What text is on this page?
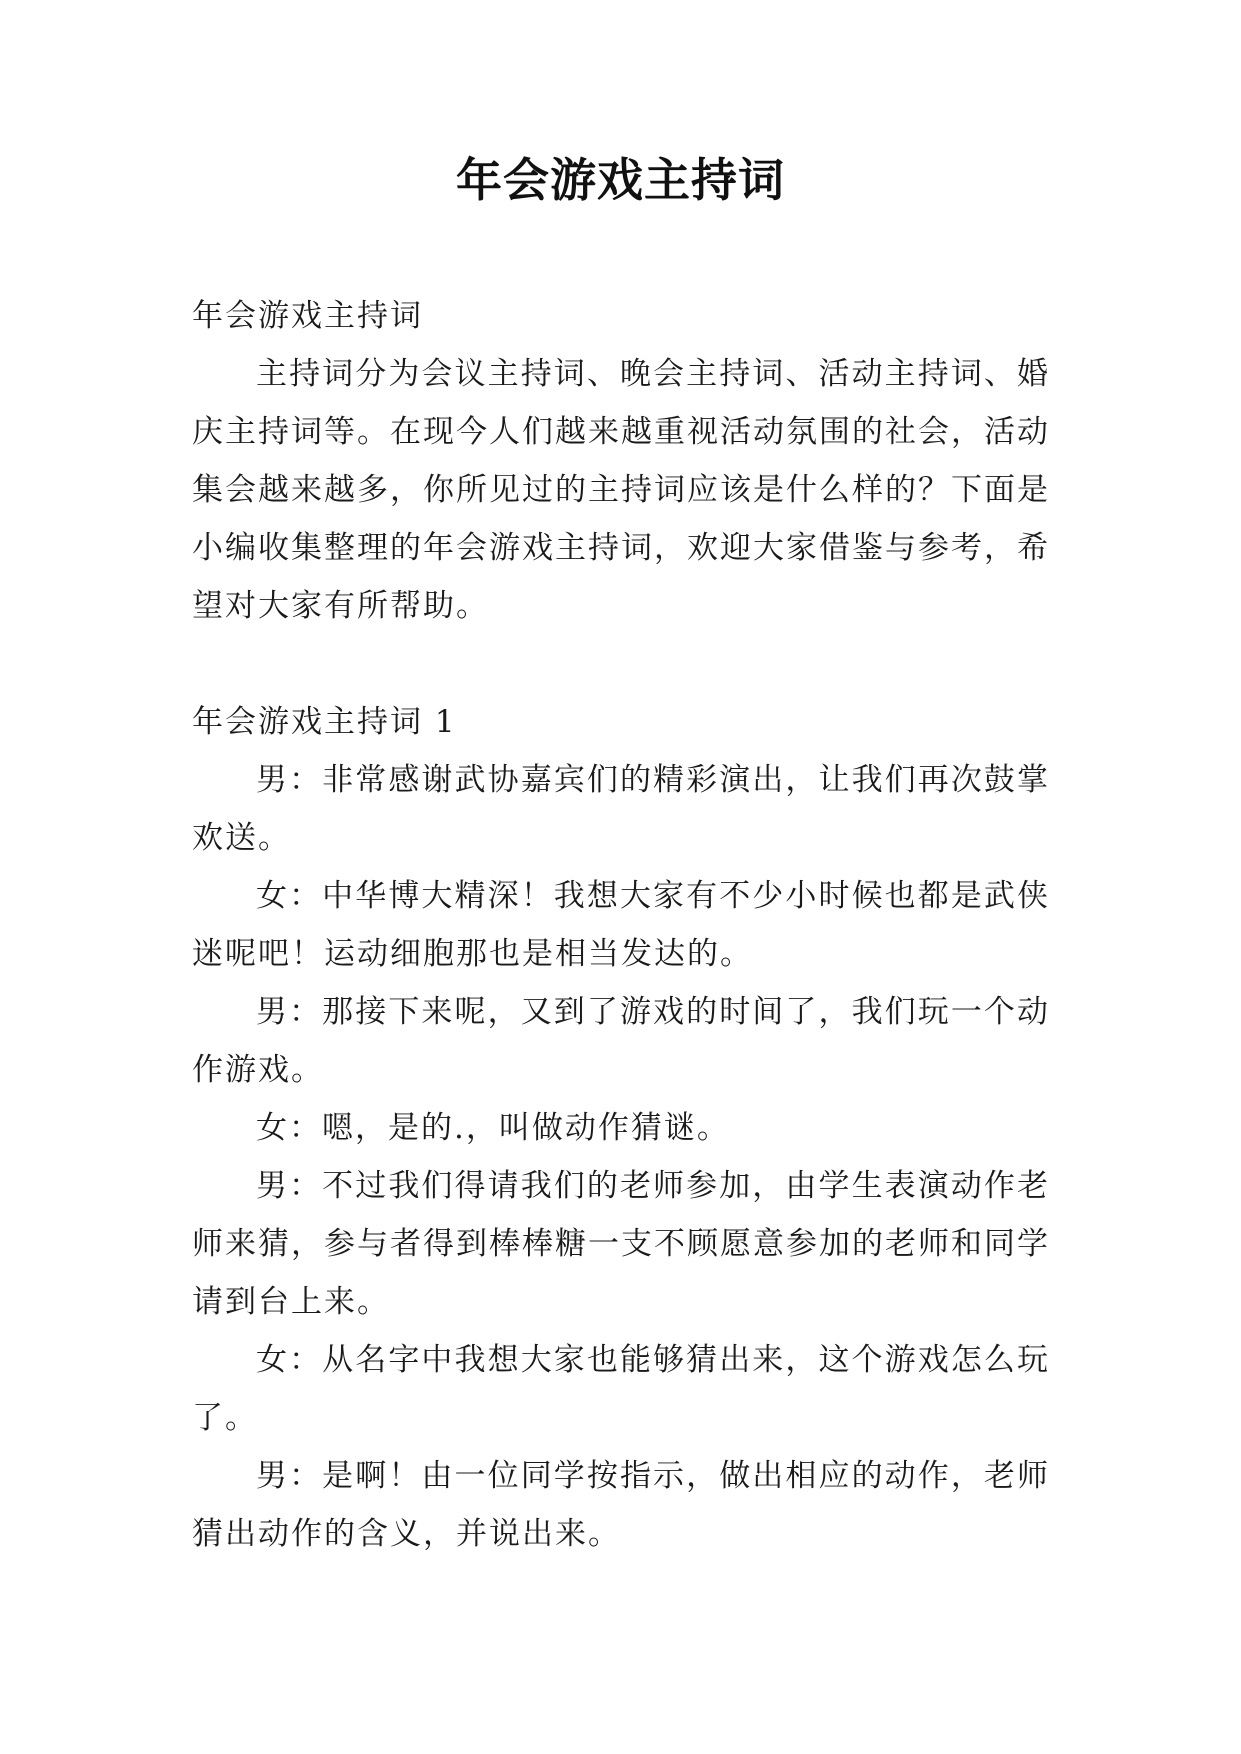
年会游戏主持词

年会游戏主持词

主持词分为会议主持词、晚会主持词、活动主持词、婚庆主持词等。在现今人们越来越重视活动氛围的社会，活动集会越来越多，你所见过的主持词应该是什么样的？下面是小编收集整理的年会游戏主持词，欢迎大家借鉴与参考，希望对大家有所帮助。

年会游戏主持词 1

男：非常感谢武协嘉宾们的精彩演出，让我们再次鼓掌欢送。

女：中华博大精深！我想大家有不少小时候也都是武侠迷呢吧！运动细胞那也是相当发达的。

男：那接下来呢，又到了游戏的时间了，我们玩一个动作游戏。

女：嗯，是的.，叫做动作猜谜。

男：不过我们得请我们的老师参加，由学生表演动作老师来猜，参与者得到棒棒糖一支不顾愿意参加的老师和同学请到台上来。

女：从名字中我想大家也能够猜出来，这个游戏怎么玩了。

男：是啊！由一位同学按指示，做出相应的动作，老师猜出动作的含义，并说出来。
